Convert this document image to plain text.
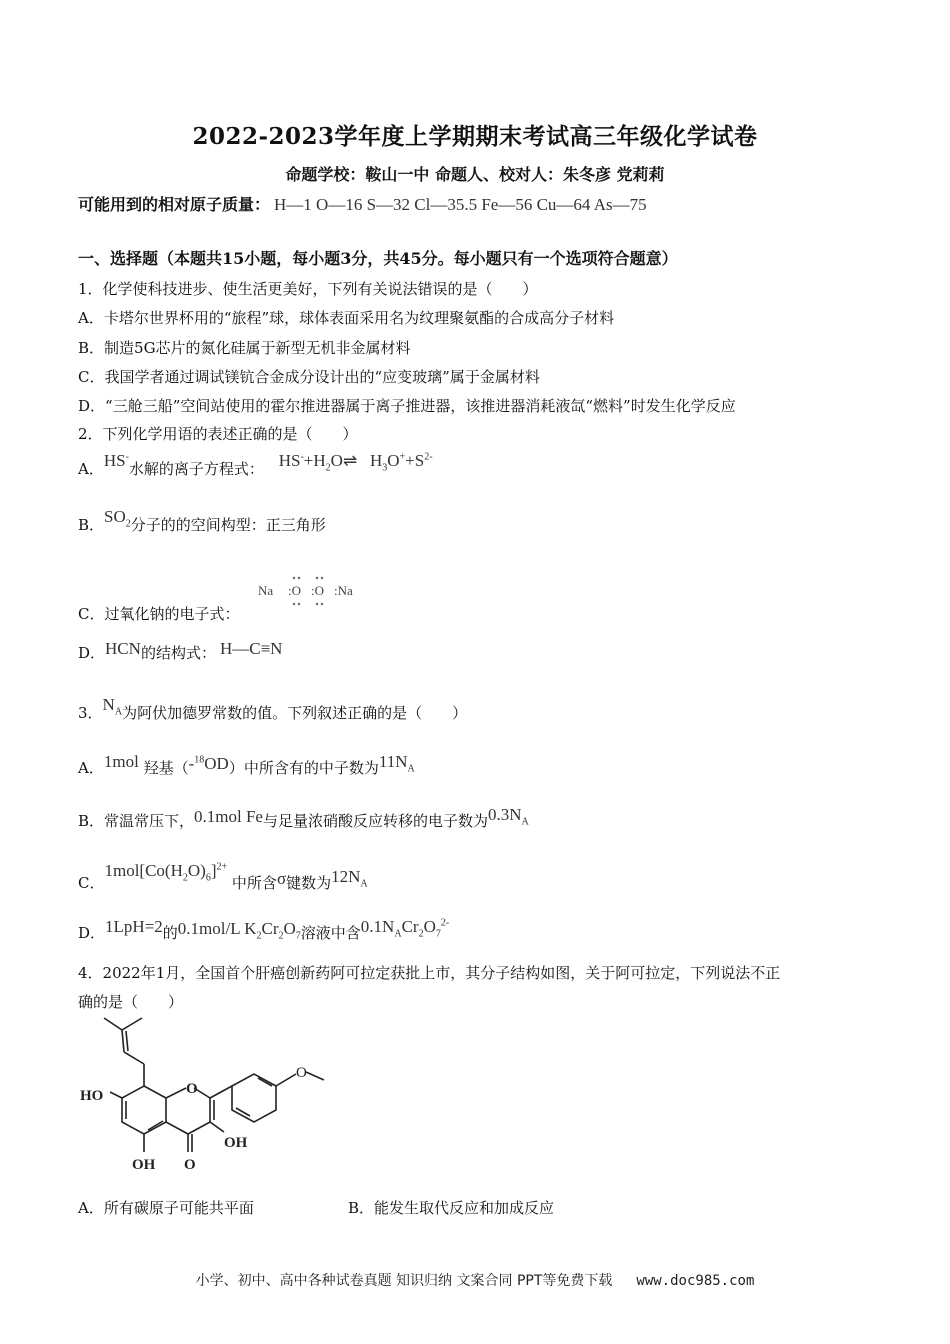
2022-2023学年度上学期期末考试高三年级化学试卷
命题学校：鞍山一中 命题人、校对人：朱冬彦 党莉莉
可能用到的相对原子质量： H—1 O—16 S—32 Cl—35.5 Fe—56 Cu—64 As—75
一、选择题（本题共15小题，每小题3分，共45分。每小题只有一个选项符合题意）
1．化学使科技进步、使生活更美好，下列有关说法错误的是（　　）
A．卡塔尔世界杯用的“旅程”球，球体表面采用名为纹理聚氨酯的合成高分子材料
B．制造5G芯片的氮化硅属于新型无机非金属材料
C．我国学者通过调试镁钪合金成分设计出的“应变玻璃”属于金属材料
D．“三舱三船”空间站使用的霍尔推进器属于离子推进器，该推进器消耗液氙“燃料”时发生化学反应
2．下列化学用语的表述正确的是（　　）
A．HS-水解的离子方程式： $HS^-+H_2O\rightleftharpoons$   $H_3O^++S^{2-}$
B．$SO_2$分子的的空间构型：正三角形
Na :O :O :Na
C．过氧化钠的电子式：
D．HCN的结构式： H—C≡N
3．$N_A$为阿伏加德罗常数的值。下列叙述正确的是（　　）
A．1mol 羟基（-$^{18}$OD）中所含有的中子数为$11N_A$
B．常温常压下，0.1mol Fe与足量浓硝酸反应转移的电子数为$0.3N_A$
C．$1mol[Co(H_2O)_6]^{2+}$ 中所含σ键数为$12N_A$
D．1LpH=2的0.1mol/L $K_2Cr_2O_7$溶液中含$0.1N_ACr_2O_7^{2-}$
4．2022年1月，全国首个肝癌创新药阿可拉定获批上市，其分子结构如图，关于阿可拉定，下列说法不正
确的是（　　）
O
O
HO
OH
OH
O
A．所有碳原子可能共平面	B．能发生取代反应和加成反应
小学、初中、高中各种试卷真题 知识归纳 文案合同 PPT等免费下载 www.doc985.com
